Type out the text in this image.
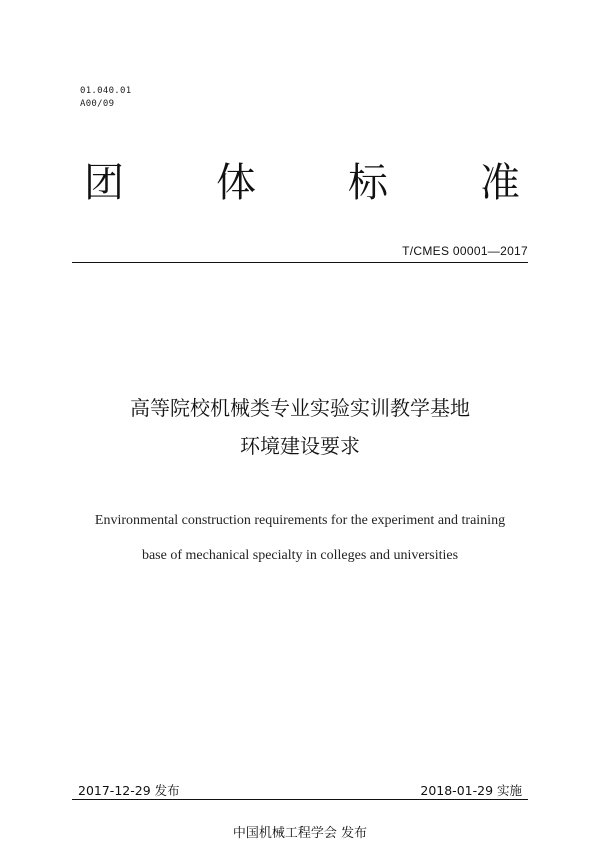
01.040.01
A00/09
团 体 标 准
T/CMES 00001—2017
高等院校机械类专业实验实训教学基地
环境建设要求
Environmental construction requirements for the experiment and training
base of mechanical specialty in colleges and universities
2017-12-29 发布	2018-01-29 实施
中国机械工程学会 发布
